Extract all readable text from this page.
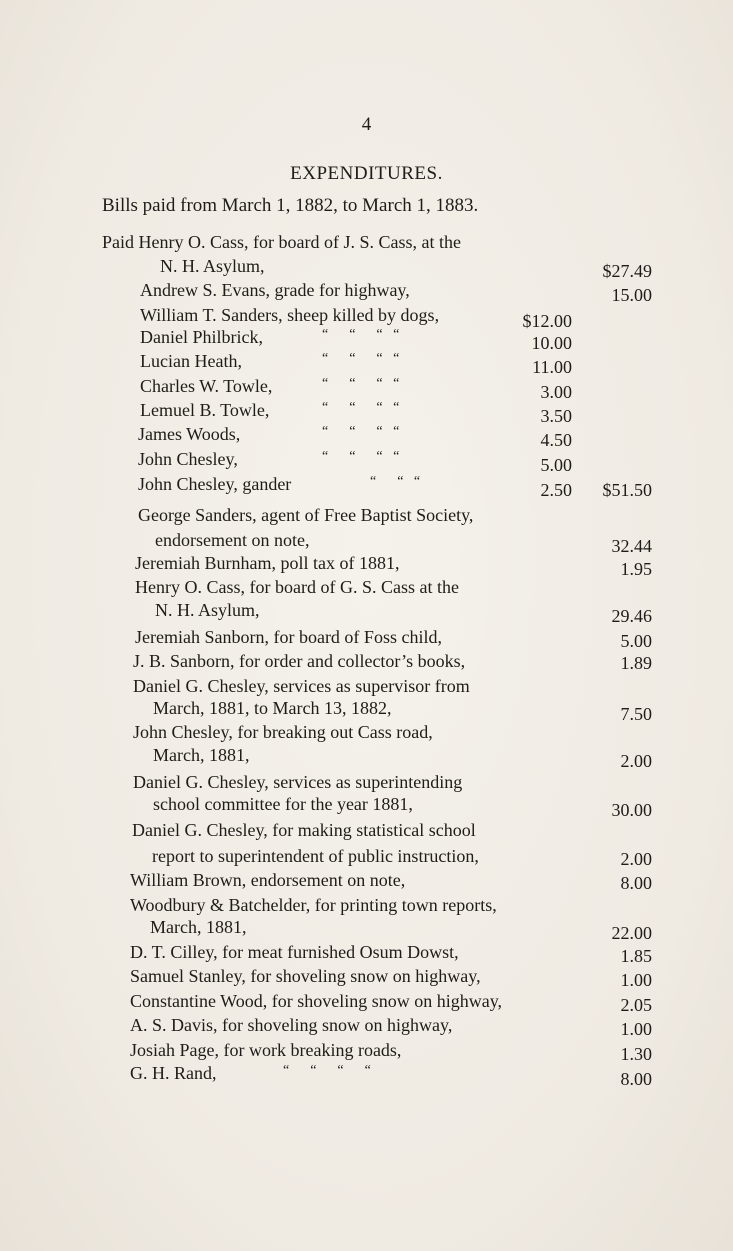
4
EXPENDITURES.
Bills paid from March 1, 1882, to March 1, 1883.
Paid Henry O. Cass, for board of J. S. Cass, at the
N. H. Asylum,	$27.49
Andrew S. Evans, grade for highway,	15.00
William T. Sanders, sheep killed by dogs,	$12.00
Daniel Philbrick,	“      “      “   “	10.00
Lucian Heath,	“      “      “   “	11.00
Charles W. Towle,	“      “      “   “	3.00
Lemuel B. Towle,	“      “      “   “	3.50
James Woods,	“      “      “   “	4.50
John Chesley,	“      “      “   “	5.00
John Chesley, gander	“      “   “	2.50 $51.50
George Sanders, agent of Free Baptist Society,
endorsement on note,	32.44
Jeremiah Burnham, poll tax of 1881,	1.95
Henry O. Cass, for board of G. S. Cass at the
N. H. Asylum,	29.46
Jeremiah Sanborn, for board of Foss child,	5.00
J. B. Sanborn, for order and collector’s books,	1.89
Daniel G. Chesley, services as supervisor from
March, 1881, to March 13, 1882,	7.50
John Chesley, for breaking out Cass road,
March, 1881,	2.00
Daniel G. Chesley, services as superintending
school committee for the year 1881,	30.00
Daniel G. Chesley, for making statistical school
report to superintendent of public instruction,	2.00
William Brown, endorsement on note,	8.00
Woodbury & Batchelder, for printing town reports,
March, 1881,	22.00
D. T. Cilley, for meat furnished Osum Dowst,	1.85
Samuel Stanley, for shoveling snow on highway,	1.00
Constantine Wood, for shoveling snow on highway,	2.05
A. S. Davis, for shoveling snow on highway,	1.00
Josiah Page, for work breaking roads,	1.30
G. H. Rand,	“      “      “      “	8.00
